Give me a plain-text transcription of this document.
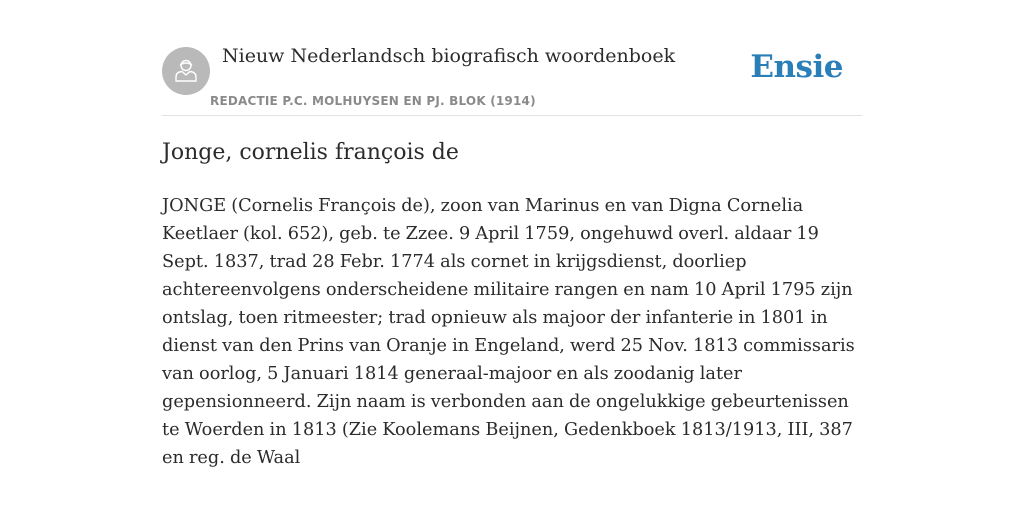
Nieuw Nederlandsch biografisch woordenboek
REDACTIE P.C. MOLHUYSEN EN PJ. BLOK (1914)
Ensie
Jonge, cornelis françois de

JONGE (Cornelis François de), zoon van Marinus en van Digna Cornelia Keetlaer (kol. 652), geb. te Zzee. 9 April 1759, ongehuwd overl. aldaar 19 Sept. 1837, trad 28 Febr. 1774 als cornet in krijgsdienst, doorliep achtereenvolgens onderscheidene militaire rangen en nam 10 April 1795 zijn ontslag, toen ritmeester; trad opnieuw als majoor der infanterie in 1801 in dienst van den Prins van Oranje in Engeland, werd 25 Nov. 1813 commissaris van oorlog, 5 Januari 1814 generaal-majoor en als zoodanig later gepensionneerd. Zijn naam is verbonden aan de ongelukkige gebeurtenissen te Woerden in 1813 (Zie Koolemans Beijnen, Gedenkboek 1813/1913, III, 387 en reg. de Waal
